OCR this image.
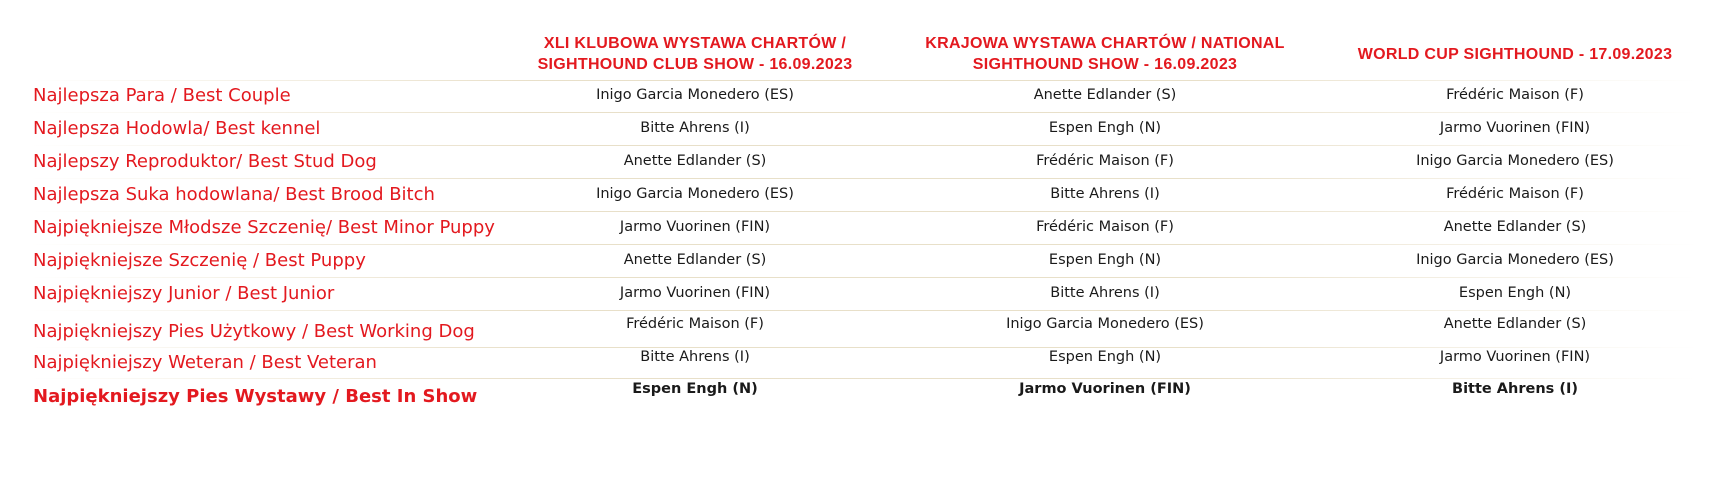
XLI KLUBOWA WYSTAWA CHARTÓW / SIGHTHOUND CLUB SHOW - 16.09.2023
KRAJOWA WYSTAWA CHARTÓW / NATIONAL SIGHTHOUND SHOW - 16.09.2023
WORLD CUP SIGHTHOUND - 17.09.2023
Najlepsza Para / Best Couple	Inigo Garcia Monedero (ES)	Anette Edlander (S)	Frédéric Maison (F)
Najlepsza Hodowla/ Best kennel	Bitte Ahrens (I)	Espen Engh (N)	Jarmo Vuorinen (FIN)
Najlepszy Reproduktor/ Best Stud Dog	Anette Edlander (S)	Frédéric Maison (F)	Inigo Garcia Monedero (ES)
Najlepsza Suka hodowlana/ Best Brood Bitch	Inigo Garcia Monedero (ES)	Bitte Ahrens (I)	Frédéric Maison (F)
Najpiękniejsze Młodsze Szczenię/ Best Minor Puppy	Jarmo Vuorinen (FIN)	Frédéric Maison (F)	Anette Edlander (S)
Najpiękniejsze Szczenię / Best Puppy	Anette Edlander (S)	Espen Engh (N)	Inigo Garcia Monedero (ES)
Najpiękniejszy Junior / Best Junior	Jarmo Vuorinen (FIN)	Bitte Ahrens (I)	Espen Engh (N)
Najpiękniejszy Pies Użytkowy / Best Working Dog	Frédéric Maison (F)	Inigo Garcia Monedero (ES)	Anette Edlander (S)
Najpiękniejszy Weteran / Best Veteran	Bitte Ahrens (I)	Espen Engh (N)	Jarmo Vuorinen (FIN)
Najpiękniejszy Pies Wystawy / Best In Show	Espen Engh (N)	Jarmo Vuorinen (FIN)	Bitte Ahrens (I)
